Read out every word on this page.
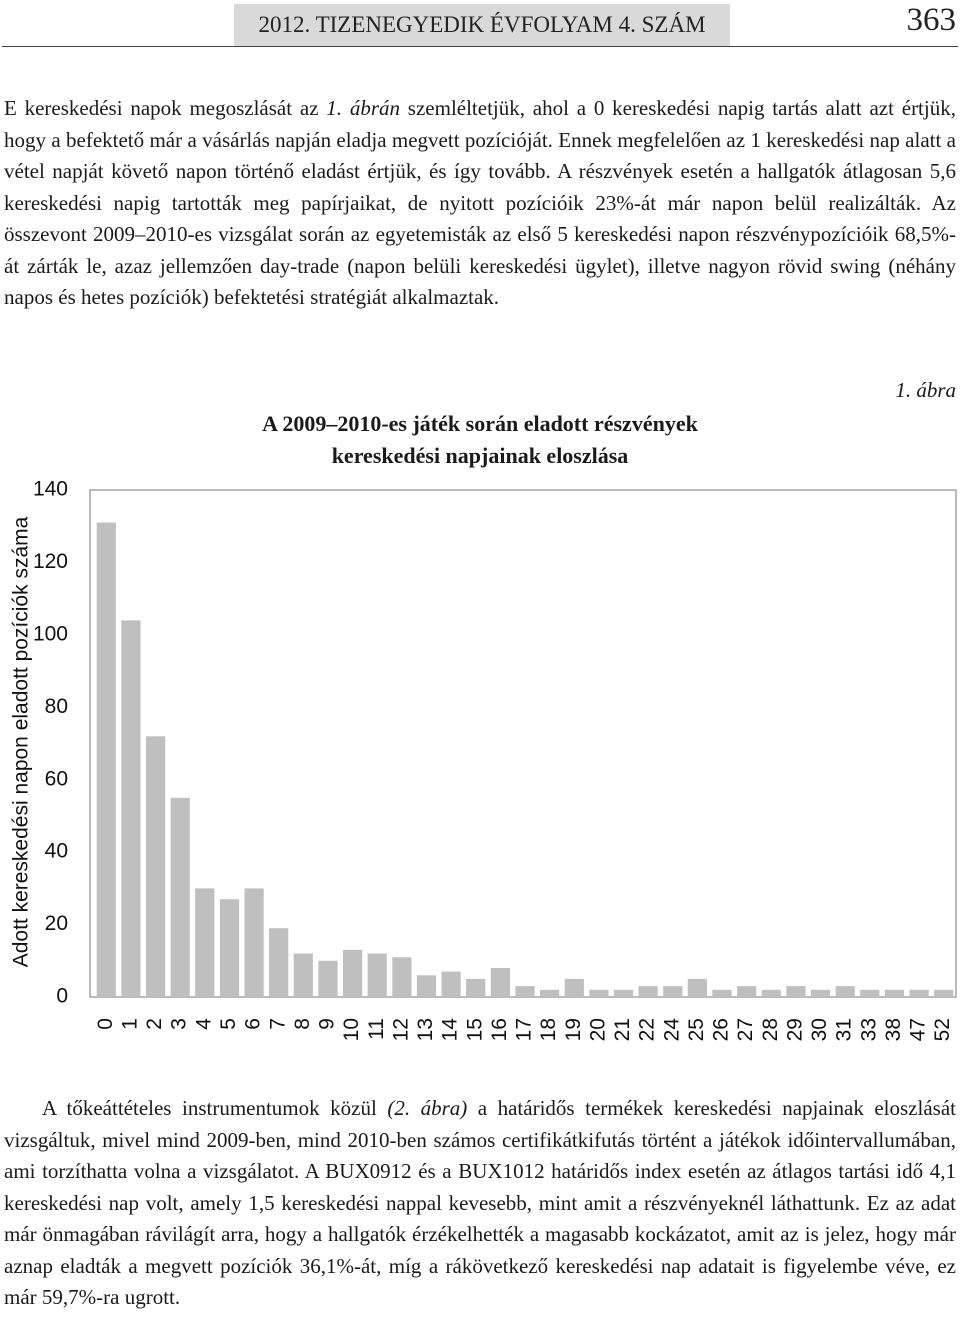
2012. TIZENEGYEDIK ÉVFOLYAM 4. SZÁM	363

E kereskedési napok megoszlását az 1. ábrán szemléltetjük, ahol a 0 kereskedési napig tartás alatt azt értjük, hogy a befektető már a vásárlás napján eladja megvett pozícióját. Ennek megfelelően az 1 kereskedési nap alatt a vétel napját követő napon történő eladást értjük, és így tovább. A részvények esetén a hallgatók átlagosan 5,6 kereskedési napig tartották meg papírjaikat, de nyitott pozícióik 23%-át már napon belül realizálták. Az összevont 2009–2010-es vizsgálat során az egyetemisták az első 5 kereskedési napon részvénypozícióik 68,5%-át zárták le, azaz jellemzően day-trade (napon belüli kereskedési ügylet), illetve nagyon rövid swing (néhány napos és hetes pozíciók) befektetési stratégiát alkalmaztak.

1. ábra
A 2009–2010-es játék során eladott részvények
kereskedési napjainak eloszlása
Adott kereskedési napon eladott pozíciók száma
0
20
40
60
80
100
120
140
0 1 2 3 4 5 6 7 8 9 10 11 12 13 14 15 16 17 18 19 20 21 22 24 25 26 27 28 29 30 31 33 38 47 52

A tőkeáttételes instrumentumok közül (2. ábra) a határidős termékek kereskedési napjainak eloszlását vizsgáltuk, mivel mind 2009-ben, mind 2010-ben számos certifikátkifutás történt a játékok időintervallumában, ami torzíthatta volna a vizsgálatot. A BUX0912 és a BUX1012 határidős index esetén az átlagos tartási idő 4,1 kereskedési nap volt, amely 1,5 kereskedési nappal kevesebb, mint amit a részvényeknél láthattunk. Ez az adat már önmagában rávilágít arra, hogy a hallgatók érzékelhették a magasabb kockázatot, amit az is jelez, hogy már aznap eladták a megvett pozíciók 36,1%-át, míg a rákövetkező kereskedési nap adatait is figyelembe véve, ez már 59,7%-ra ugrott.
